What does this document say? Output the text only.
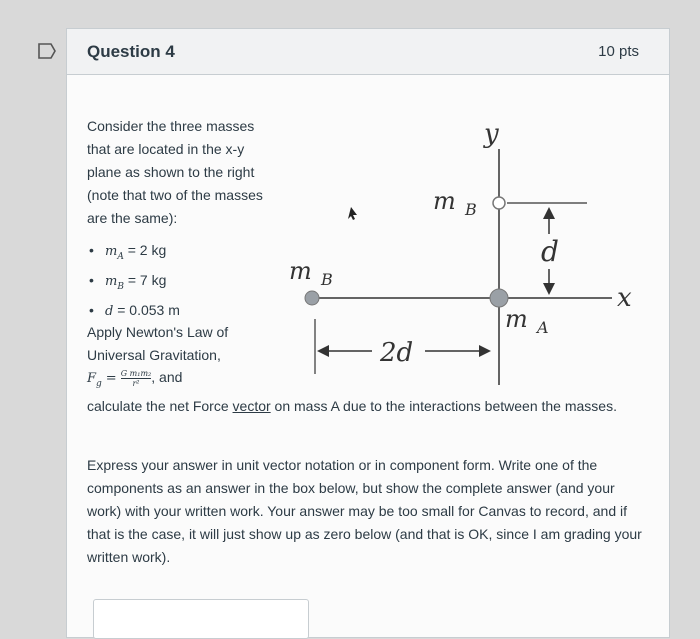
Question 4	10 pts
Consider the three masses that are located in the x-y plane as shown to the right (note that two of the masses are the same):
• $m_A = 2$ kg
• $m_B = 7$ kg
• d = 0.053 m
Apply Newton's Law of Universal Gravitation,
$F_g = \frac{\text{G m₁m₂}}{\text{r²}}$ , and
calculate the net Force vector on mass A due to the interactions between the masses.
Express your answer in unit vector notation or in component form. Write one of the components as an answer in the box below, but show the complete answer (and your work) with your written work. Your answer may be too small for Canvas to record, and if that is the case, it will just show up as zero below (and that is OK, since I am grading your written work).
y
x
m B
m B
m A
d
2d
